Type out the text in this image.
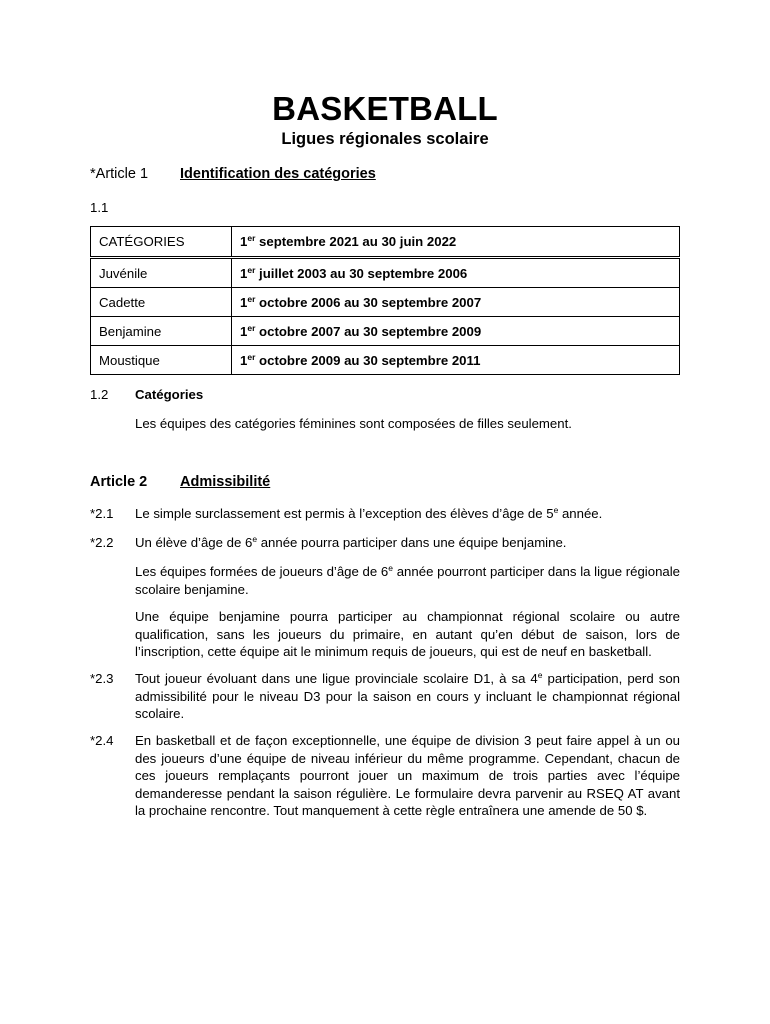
BASKETBALL
Ligues régionales scolaire
*Article 1 Identification des catégories
1.1
CATÉGORIES	1er septembre 2021 au 30 juin 2022
Juvénile	1er juillet 2003 au 30 septembre 2006
Cadette	1er octobre 2006 au 30 septembre 2007
Benjamine	1er octobre 2007 au 30 septembre 2009
Moustique	1er octobre 2009 au 30 septembre 2011
1.2 Catégories
Les équipes des catégories féminines sont composées de filles seulement.
Article 2 Admissibilité
*2.1 Le simple surclassement est permis à l’exception des élèves d’âge de 5e année.
*2.2 Un élève d’âge de 6e année pourra participer dans une équipe benjamine.
Les équipes formées de joueurs d’âge de 6e année pourront participer dans la ligue régionale scolaire benjamine.
Une équipe benjamine pourra participer au championnat régional scolaire ou autre qualification, sans les joueurs du primaire, en autant qu’en début de saison, lors de l’inscription, cette équipe ait le minimum requis de joueurs, qui est de neuf en basketball.
*2.3 Tout joueur évoluant dans une ligue provinciale scolaire D1, à sa 4e participation, perd son admissibilité pour le niveau D3 pour la saison en cours y incluant le championnat régional scolaire.
*2.4 En basketball et de façon exceptionnelle, une équipe de division 3 peut faire appel à un ou des joueurs d’une équipe de niveau inférieur du même programme. Cependant, chacun de ces joueurs remplaçants pourront jouer un maximum de trois parties avec l’équipe demanderesse pendant la saison régulière. Le formulaire devra parvenir au RSEQ AT avant la prochaine rencontre. Tout manquement à cette règle entraînera une amende de 50 $.
